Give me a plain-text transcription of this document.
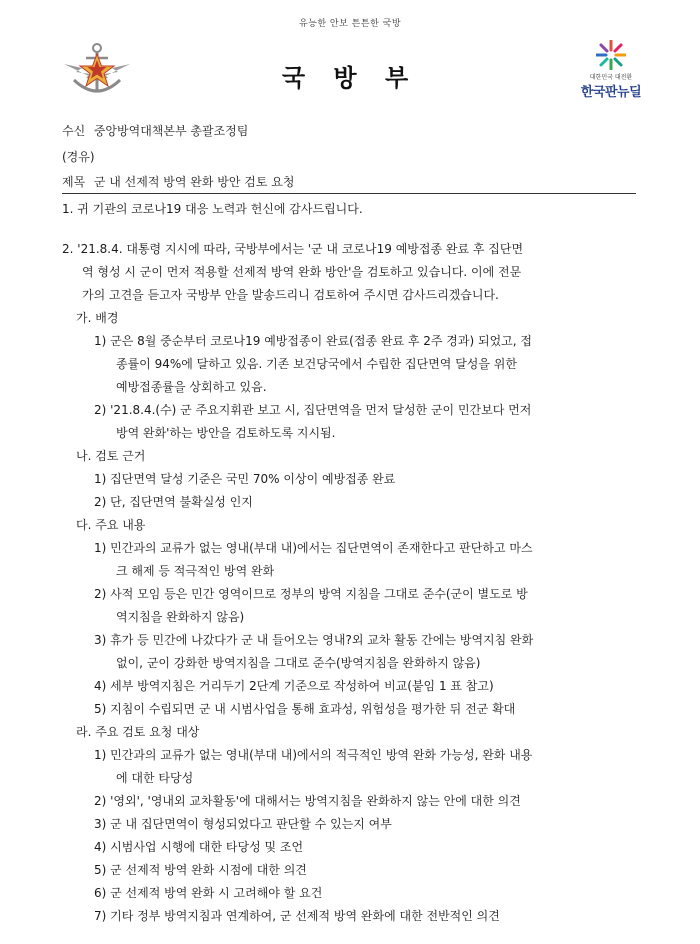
유능한 안보 튼튼한 국방
국 방 부	대한민국 대전환
한국판뉴딜
수신 중앙방역대책본부 총괄조정팀
(경유)
제목 군 내 선제적 방역 완화 방안 검토 요청
1. 귀 기관의 코로나19 대응 노력과 헌신에 감사드립니다.
2. '21.8.4. 대통령 지시에 따라, 국방부에서는 '군 내 코로나19 예방접종 완료 후 집단면
역 형성 시 군이 먼저 적용할 선제적 방역 완화 방안'을 검토하고 있습니다. 이에 전문
가의 고견을 듣고자 국방부 안을 발송드리니 검토하여 주시면 감사드리겠습니다.
가. 배경
1) 군은 8월 중순부터 코로나19 예방접종이 완료(접종 완료 후 2주 경과) 되었고, 접
종률이 94%에 달하고 있음. 기존 보건당국에서 수립한 집단면역 달성을 위한
예방접종률을 상회하고 있음.
2) '21.8.4.(수) 군 주요지휘관 보고 시, 집단면역을 먼저 달성한 군이 민간보다 먼저
방역 완화'하는 방안을 검토하도록 지시됨.
나. 검토 근거
1) 집단면역 달성 기준은 국민 70% 이상이 예방접종 완료
2) 단, 집단면역 불확실성 인지
다. 주요 내용
1) 민간과의 교류가 없는 영내(부대 내)에서는 집단면역이 존재한다고 판단하고 마스
크 해제 등 적극적인 방역 완화
2) 사적 모임 등은 민간 영역이므로 정부의 방역 지침을 그대로 준수(군이 별도로 방
역지침을 완화하지 않음)
3) 휴가 등 민간에 나갔다가 군 내 들어오는 영내?외 교차 활동 간에는 방역지침 완화
없이, 군이 강화한 방역지침을 그대로 준수(방역지침을 완화하지 않음)
4) 세부 방역지침은 거리두기 2단계 기준으로 작성하여 비교(붙임 1 표 참고)
5) 지침이 수립되면 군 내 시범사업을 통해 효과성, 위험성을 평가한 뒤 전군 확대
라. 주요 검토 요청 대상
1) 민간과의 교류가 없는 영내(부대 내)에서의 적극적인 방역 완화 가능성, 완화 내용
에 대한 타당성
2) '영외', '영내외 교차활동'에 대해서는 방역지침을 완화하지 않는 안에 대한 의견
3) 군 내 집단면역이 형성되었다고 판단할 수 있는지 여부
4) 시범사업 시행에 대한 타당성 및 조언
5) 군 선제적 방역 완화 시점에 대한 의견
6) 군 선제적 방역 완화 시 고려해야 할 요건
7) 기타 정부 방역지침과 연계하여, 군 선제적 방역 완화에 대한 전반적인 의견
